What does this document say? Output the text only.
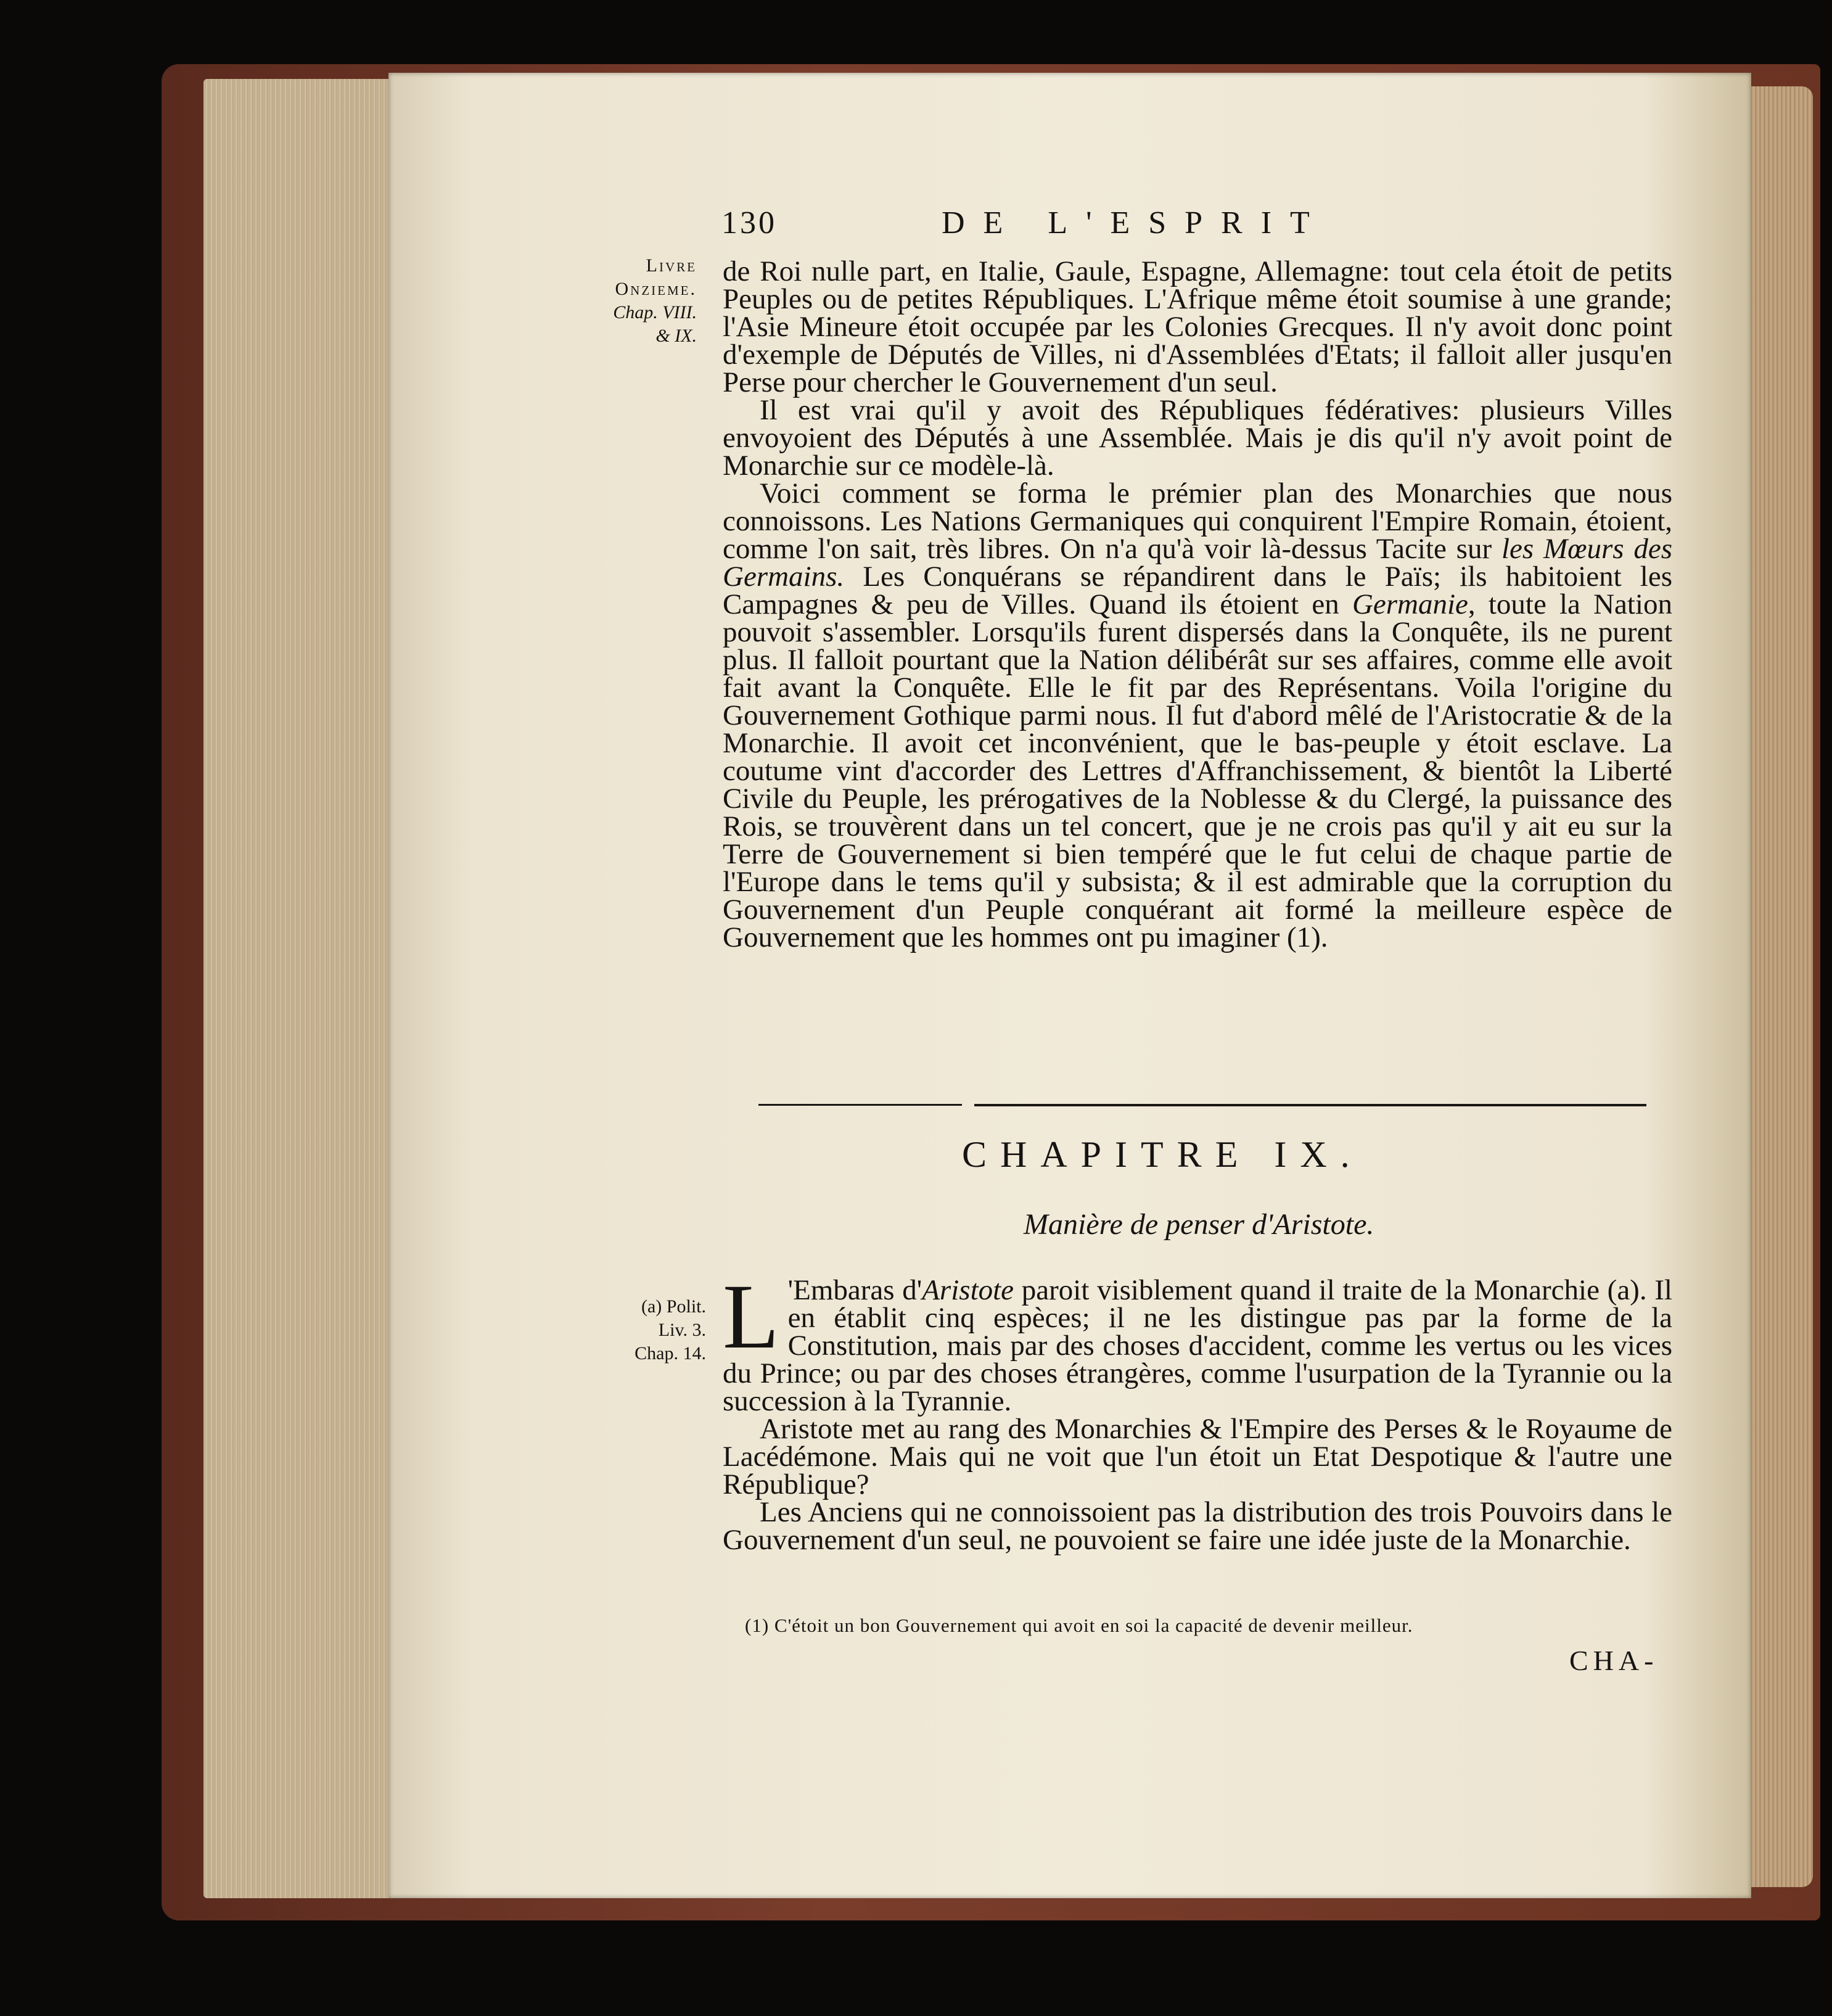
130	DE L'ESPRIT
Livre
Onzieme.
Chap. VIII.
& IX.

de Roi nulle part, en Italie, Gaule, Espagne, Allemagne: tout cela étoit de petits Peuples ou de petites Républiques. L'Afrique même étoit soumise à une grande; l'Asie Mineure étoit occupée par les Colonies Grecques. Il n'y avoit donc point d'exemple de Députés de Villes, ni d'Assemblées d'Etats; il falloit aller jusqu'en Perse pour chercher le Gouvernement d'un seul.

Il est vrai qu'il y avoit des Républiques fédératives: plusieurs Villes envoyoient des Députés à une Assemblée. Mais je dis qu'il n'y avoit point de Monarchie sur ce modèle-là.

Voici comment se forma le prémier plan des Monarchies que nous connoissons. Les Nations Germaniques qui conquirent l'Empire Romain, étoient, comme l'on sait, très libres. On n'a qu'à voir là-dessus Tacite sur les Mœurs des Germains. Les Conquérans se répandirent dans le Païs; ils habitoient les Campagnes & peu de Villes. Quand ils étoient en Germanie, toute la Nation pouvoit s'assembler. Lorsqu'ils furent dispersés dans la Conquête, ils ne purent plus. Il falloit pourtant que la Nation délibérât sur ses affaires, comme elle avoit fait avant la Conquête. Elle le fit par des Représentans. Voila l'origine du Gouvernement Gothique parmi nous. Il fut d'abord mêlé de l'Aristocratie & de la Monarchie. Il avoit cet inconvénient, que le bas-peuple y étoit esclave. La coutume vint d'accorder des Lettres d'Affranchissement, & bientôt la Liberté Civile du Peuple, les prérogatives de la Noblesse & du Clergé, la puissance des Rois, se trouvèrent dans un tel concert, que je ne crois pas qu'il y ait eu sur la Terre de Gouvernement si bien tempéré que le fut celui de chaque partie de l'Europe dans le tems qu'il y subsista; & il est admirable que la corruption du Gouvernement d'un Peuple conquérant ait formé la meilleure espèce de Gouvernement que les hommes ont pu imaginer (1).

CHAPITRE IX.
Manière de penser d'Aristote.
(a) Polit.
Liv. 3.
Chap. 14. L 'Embaras d'Aristote paroit visiblement quand il traite de la Monarchie (a). Il en établit cinq espèces; il ne les distingue pas par la forme de la Constitution, mais par des choses d'accident, comme les vertus ou les vices du Prince; ou par des choses étrangères, comme l'usurpation de la Tyrannie ou la succession à la Tyrannie.

Aristote met au rang des Monarchies & l'Empire des Perses & le Royaume de Lacédémone. Mais qui ne voit que l'un étoit un Etat Despotique & l'autre une République?

Les Anciens qui ne connoissoient pas la distribution des trois Pouvoirs dans le Gouvernement d'un seul, ne pouvoient se faire une idée juste de la Monarchie.

(1) C'étoit un bon Gouvernement qui avoit en soi la capacité de devenir meilleur.
CHA-
